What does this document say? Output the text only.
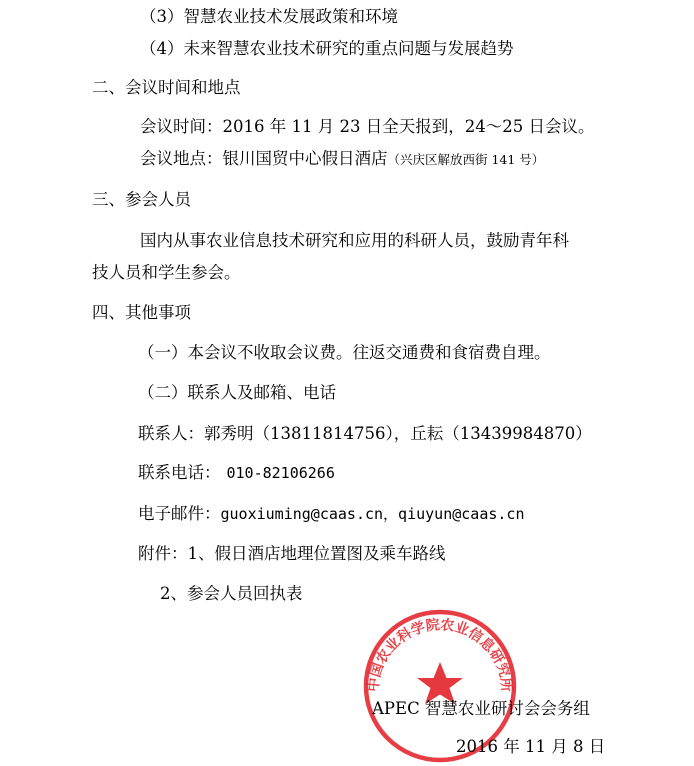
（3）智慧农业技术发展政策和环境
（4）未来智慧农业技术研究的重点问题与发展趋势
二、会议时间和地点
会议时间：2016 年 11 月 23 日全天报到，24～25 日会议。
会议地点：银川国贸中心假日酒店（兴庆区解放西街 141 号）
三、参会人员
国内从事农业信息技术研究和应用的科研人员，鼓励青年科
技人员和学生参会。
四、其他事项
（一）本会议不收取会议费。往返交通费和食宿费自理。
（二）联系人及邮箱、电话
联系人：郭秀明（13811814756），丘耘（13439984870）
联系电话： 010-82106266
电子邮件：guoxiuming@caas.cn，qiuyun@caas.cn
附件：1、假日酒店地理位置图及乘车路线
2、参会人员回执表
中国农业科学院农业信息研究所
APEC 智慧农业研讨会会务组
2016 年 11 月 8 日
